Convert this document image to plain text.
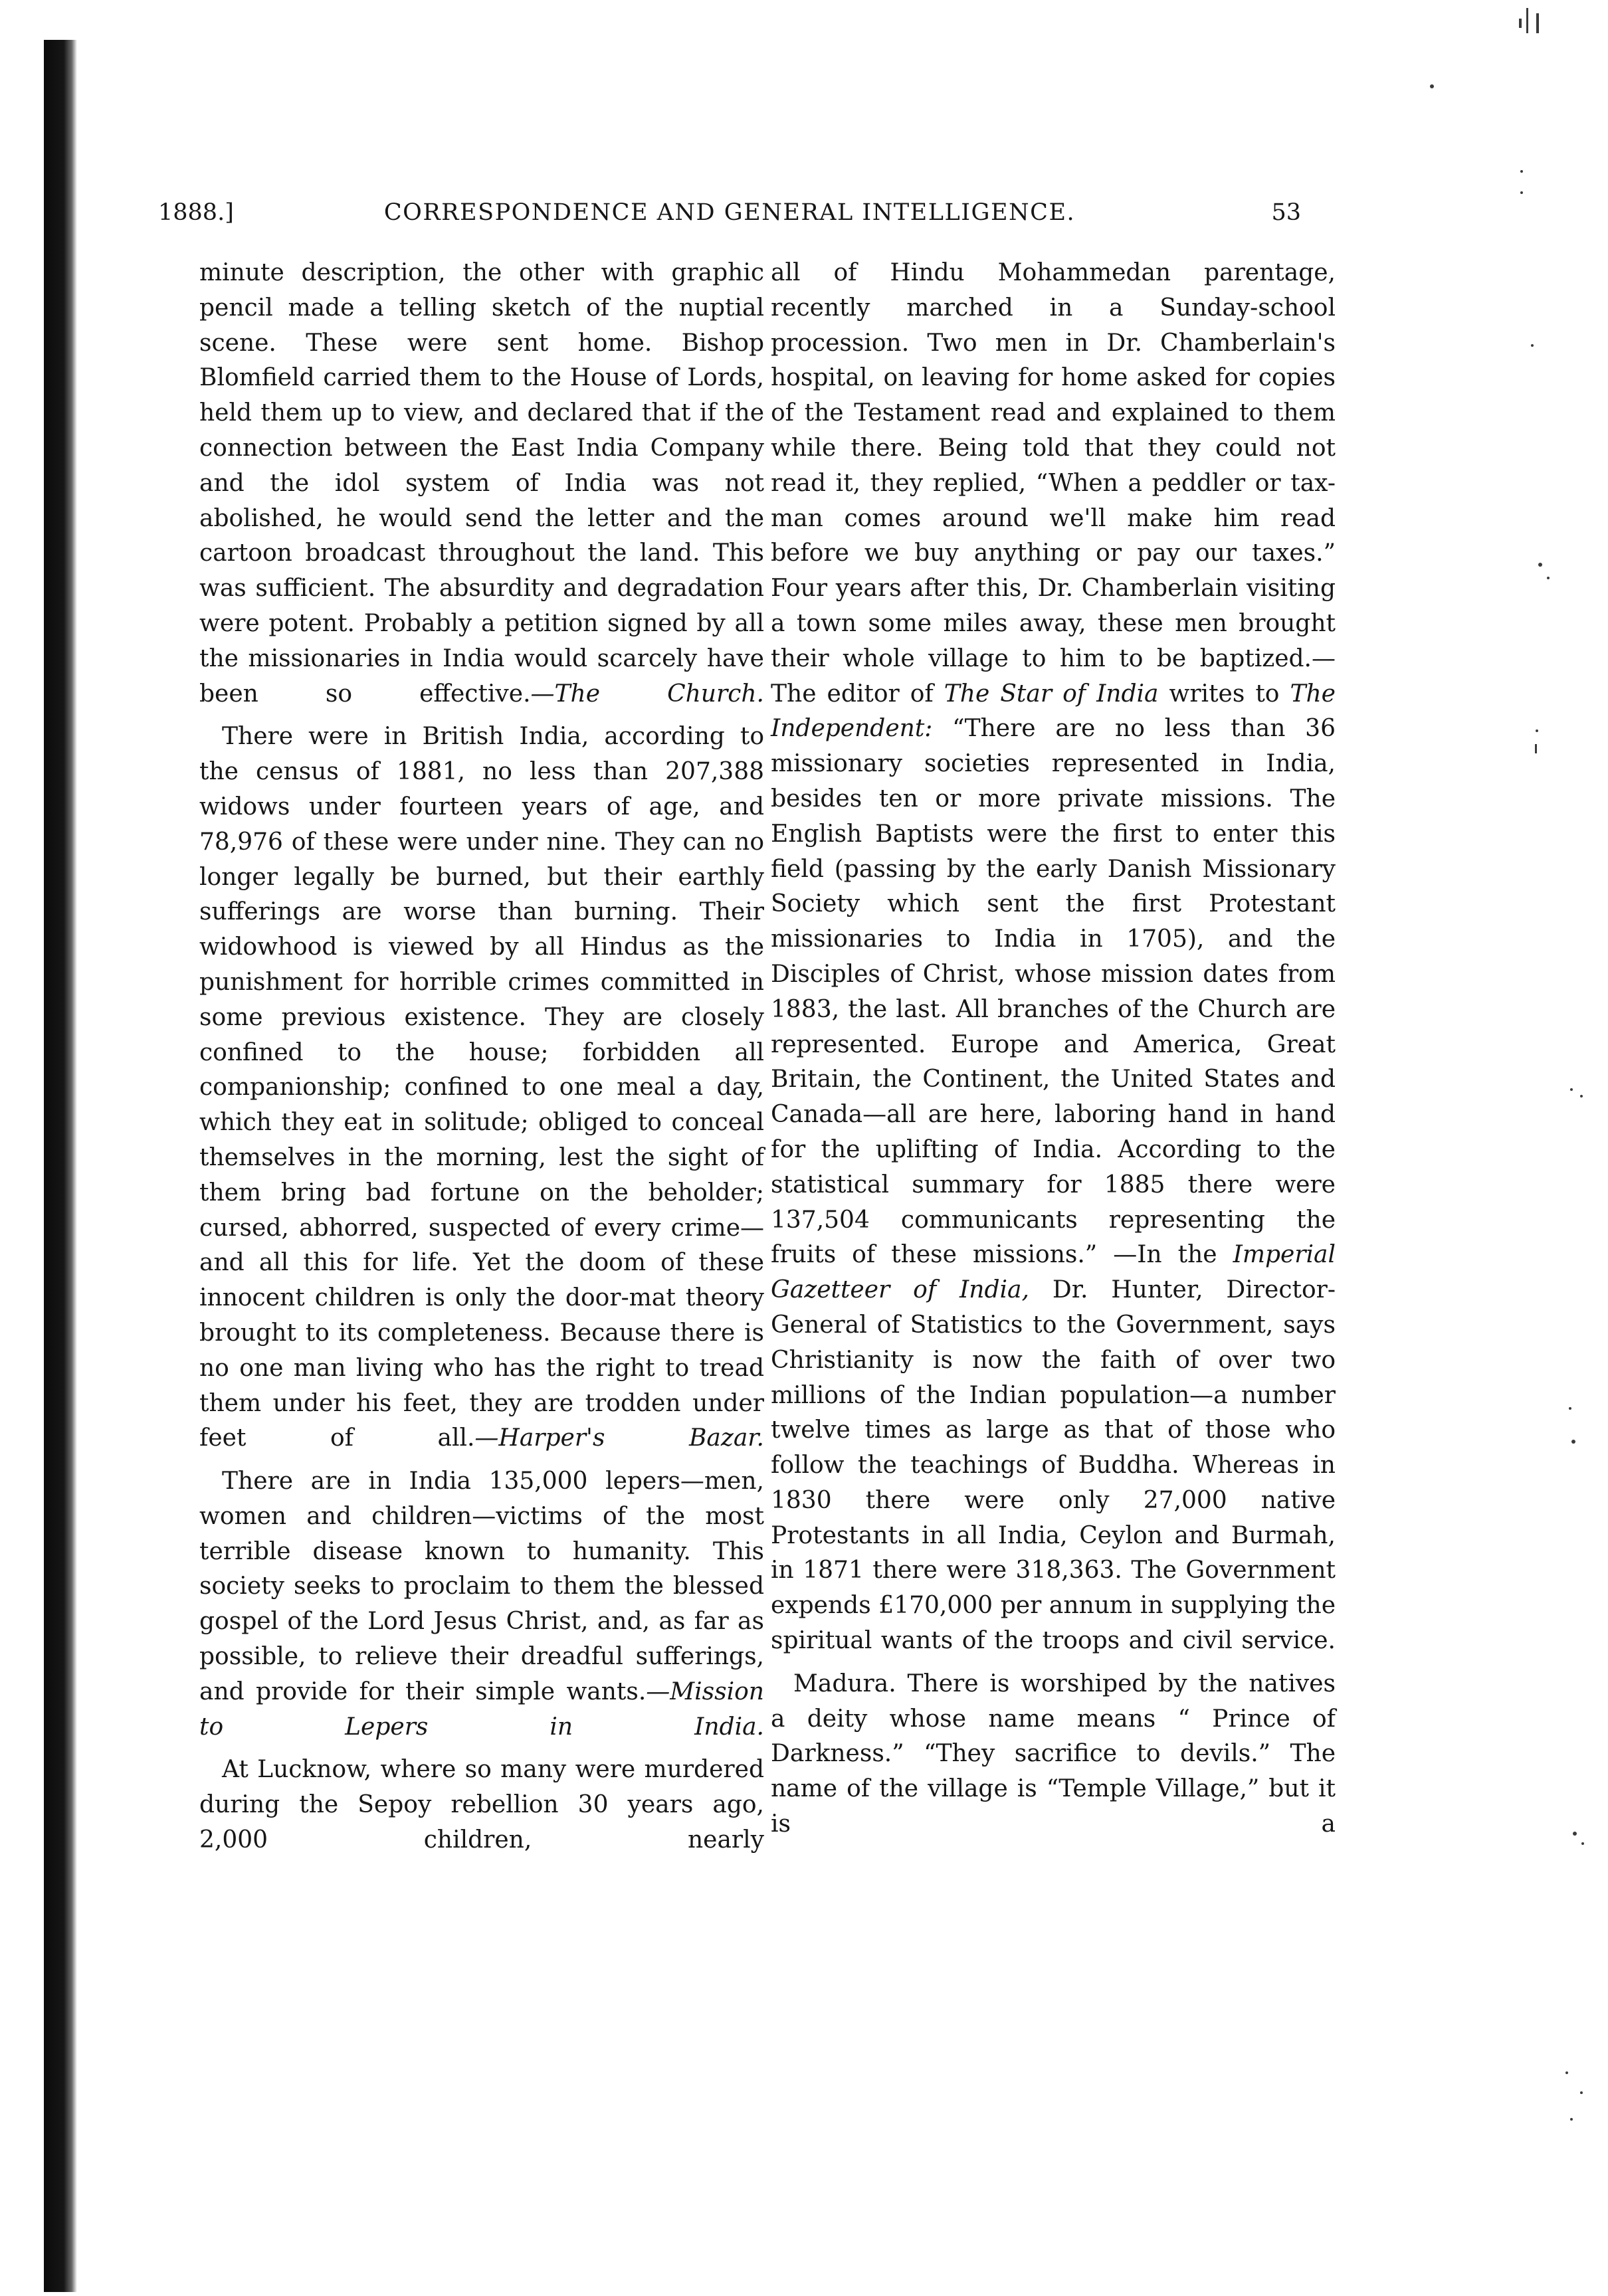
1888.]	CORRESPONDENCE AND GENERAL INTELLIGENCE.	53

minute description, the other with graphic pencil made a telling sketch of the nuptial scene. These were sent home. Bishop Blomfield carried them to the House of Lords, held them up to view, and declared that if the connection between the East India Company and the idol system of India was not abolished, he would send the letter and the cartoon broadcast throughout the land. This was sufficient. The absurdity and degradation were potent. Probably a petition signed by all the missionaries in India would scarcely have been so effective.—The Church.

There were in British India, according to the census of 1881, no less than 207,388 widows under fourteen years of age, and 78,976 of these were under nine. They can no longer legally be burned, but their earthly sufferings are worse than burning. Their widowhood is viewed by all Hindus as the punishment for horrible crimes committed in some previous existence. They are closely confined to the house; forbidden all companionship; confined to one meal a day, which they eat in solitude; obliged to conceal themselves in the morning, lest the sight of them bring bad fortune on the beholder; cursed, abhorred, suspected of every crime—and all this for life. Yet the doom of these innocent children is only the door-mat theory brought to its completeness. Because there is no one man living who has the right to tread them under his feet, they are trodden under feet of all.—Harper's Bazar.

There are in India 135,000 lepers—men, women and children—victims of the most terrible disease known to humanity. This society seeks to proclaim to them the blessed gospel of the Lord Jesus Christ, and, as far as possible, to relieve their dreadful sufferings, and provide for their simple wants.—Mission to Lepers in India.

At Lucknow, where so many were murdered during the Sepoy rebellion 30 years ago, 2,000 children, nearly

all of Hindu Mohammedan parentage, recently marched in a Sunday-school procession. Two men in Dr. Chamberlain's hospital, on leaving for home asked for copies of the Testament read and explained to them while there. Being told that they could not read it, they replied, “When a peddler or tax-man comes around we'll make him read before we buy anything or pay our taxes.” Four years after this, Dr. Chamberlain visiting a town some miles away, these men brought their whole village to him to be baptized.—The editor of The Star of India writes to The Independent: “There are no less than 36 missionary societies represented in India, besides ten or more private missions. The English Baptists were the first to enter this field (passing by the early Danish Missionary Society which sent the first Protestant missionaries to India in 1705), and the Disciples of Christ, whose mission dates from 1883, the last. All branches of the Church are represented. Europe and America, Great Britain, the Continent, the United States and Canada—all are here, laboring hand in hand for the uplifting of India. According to the statistical summary for 1885 there were 137,504 communicants representing the fruits of these missions.” —In the Imperial Gazetteer of India, Dr. Hunter, Director-General of Statistics to the Government, says Christianity is now the faith of over two millions of the Indian population—a number twelve times as large as that of those who follow the teachings of Buddha. Whereas in 1830 there were only 27,000 native Protestants in all India, Ceylon and Burmah, in 1871 there were 318,363. The Government expends £170,000 per annum in supplying the spiritual wants of the troops and civil service.

Madura. There is worshiped by the natives a deity whose name means “ Prince of Darkness.” “They sacrifice to devils.” The name of the village is “Temple Village,” but it is a
